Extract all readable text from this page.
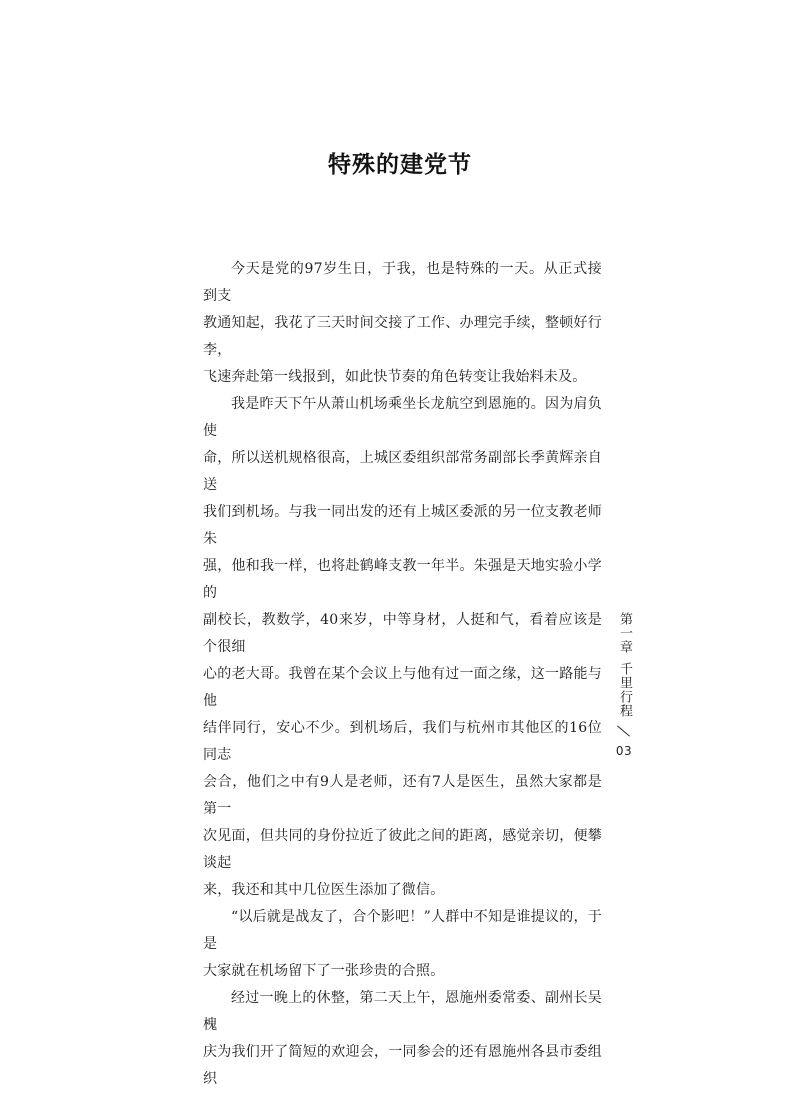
特殊的建党节

今天是党的97岁生日，于我，也是特殊的一天。从正式接到支
教通知起，我花了三天时间交接了工作、办理完手续，整顿好行李，
飞速奔赴第一线报到，如此快节奏的角色转变让我始料未及。

我是昨天下午从萧山机场乘坐长龙航空到恩施的。因为肩负使
命，所以送机规格很高，上城区委组织部常务副部长季黄辉亲自送
我们到机场。与我一同出发的还有上城区委派的另一位支教老师朱
强，他和我一样，也将赴鹤峰支教一年半。朱强是天地实验小学的
副校长，教数学，40来岁，中等身材，人挺和气，看着应该是个很细
心的老大哥。我曾在某个会议上与他有过一面之缘，这一路能与他
结伴同行，安心不少。到机场后，我们与杭州市其他区的16位同志
会合，他们之中有9人是老师，还有7人是医生，虽然大家都是第一
次见面，但共同的身份拉近了彼此之间的距离，感觉亲切，便攀谈起
来，我还和其中几位医生添加了微信。

“以后就是战友了，合个影吧！”人群中不知是谁提议的，于是
大家就在机场留下了一张珍贵的合照。

经过一晚上的休整，第二天上午，恩施州委常委、副州长吴槐
庆为我们开了简短的欢迎会，一同参会的还有恩施州各县市委组织

第一章
千里行程
03
